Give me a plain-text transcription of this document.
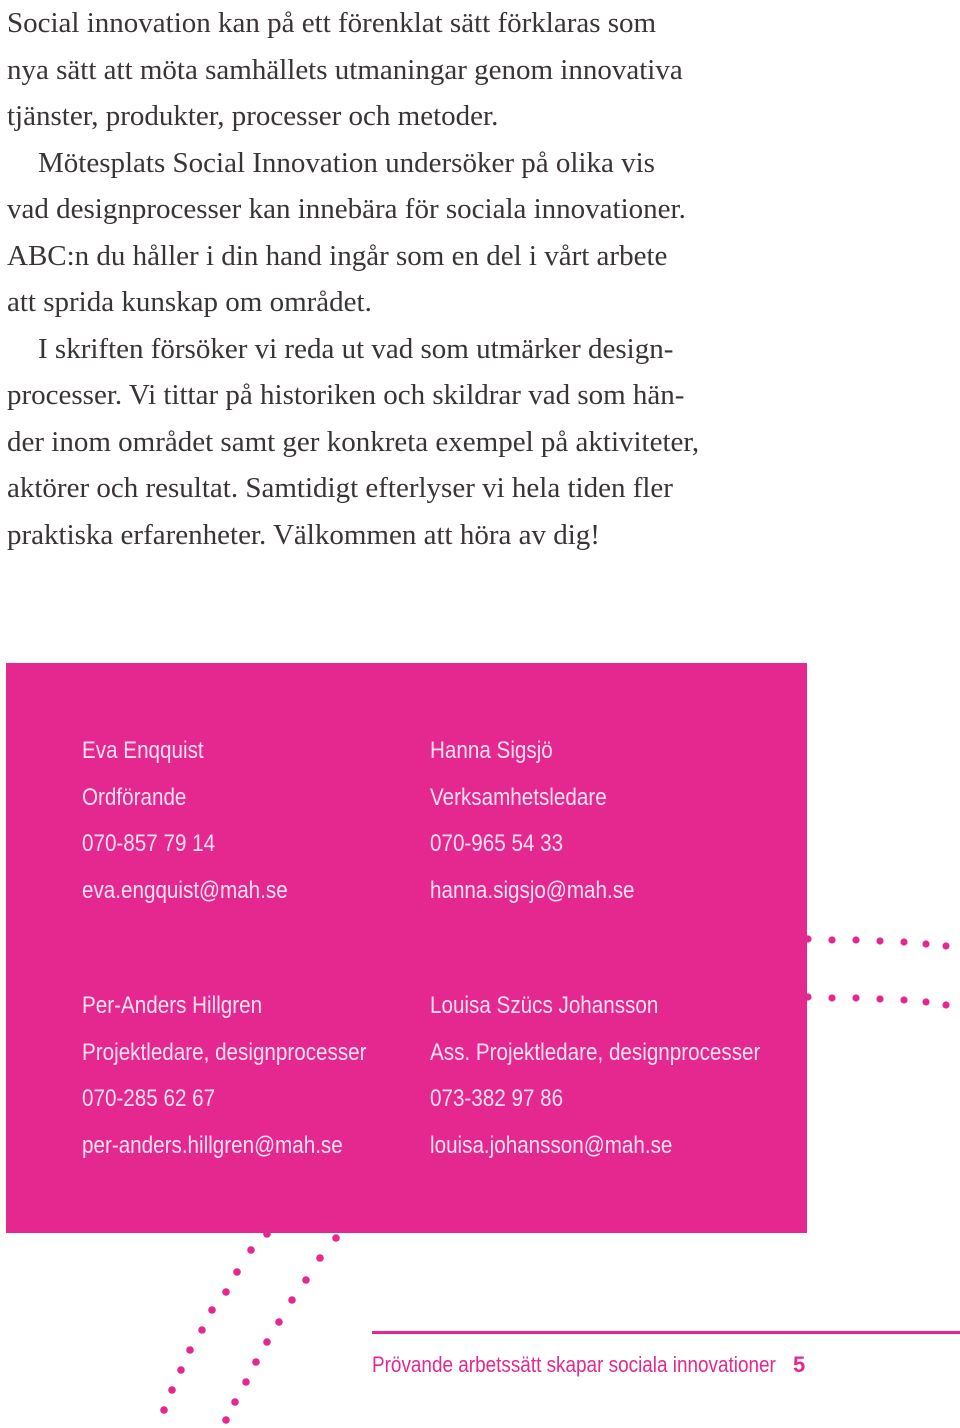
Social innovation kan på ett förenklat sätt förklaras som
nya sätt att möta samhällets utmaningar genom innovativa
tjänster, produkter, processer och metoder.

Mötesplats Social Innovation undersöker på olika vis
vad designprocesser kan innebära för sociala innovationer.
ABC:n du håller i din hand ingår som en del i vårt arbete
att sprida kunskap om området.

I skriften försöker vi reda ut vad som utmärker design-
processer. Vi tittar på historiken och skildrar vad som hän-
der inom området samt ger konkreta exempel på aktiviteter,
aktörer och resultat. Samtidigt efterlyser vi hela tiden fler
praktiska erfarenheter. Välkommen att höra av dig!

Eva Enqquist
Ordförande
070-857 79 14
eva.engquist@mah.se
Hanna Sigsjö
Verksamhetsledare
070-965 54 33
hanna.sigsjo@mah.se
Per-Anders Hillgren
Projektledare, designprocesser
070-285 62 67
per-anders.hillgren@mah.se
Louisa Szücs Johansson
Ass. Projektledare, designprocesser
073-382 97 86
louisa.johansson@mah.se
Prövande arbetssätt skapar sociala innovationer 5
